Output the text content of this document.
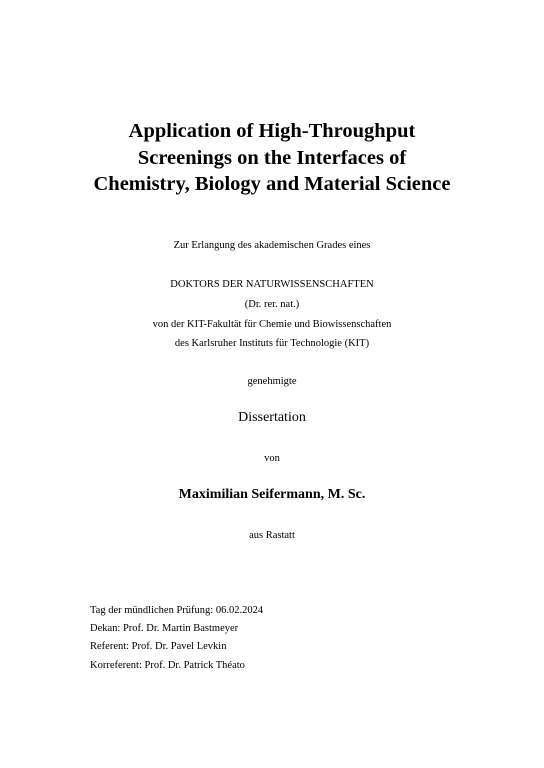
Application of High-Throughput
Screenings on the Interfaces of
Chemistry, Biology and Material Science

Zur Erlangung des akademischen Grades eines

DOKTORS DER NATURWISSENSCHAFTEN

(Dr. rer. nat.)

von der KIT-Fakultät für Chemie und Biowissenschaften

des Karlsruher Instituts für Technologie (KIT)

genehmigte

Dissertation

von

Maximilian Seifermann, M. Sc.

aus Rastatt

Tag der mündlichen Prüfung: 06.02.2024
Dekan: Prof. Dr. Martin Bastmeyer
Referent: Prof. Dr. Pavel Levkin
Korreferent: Prof. Dr. Patrick Théato
